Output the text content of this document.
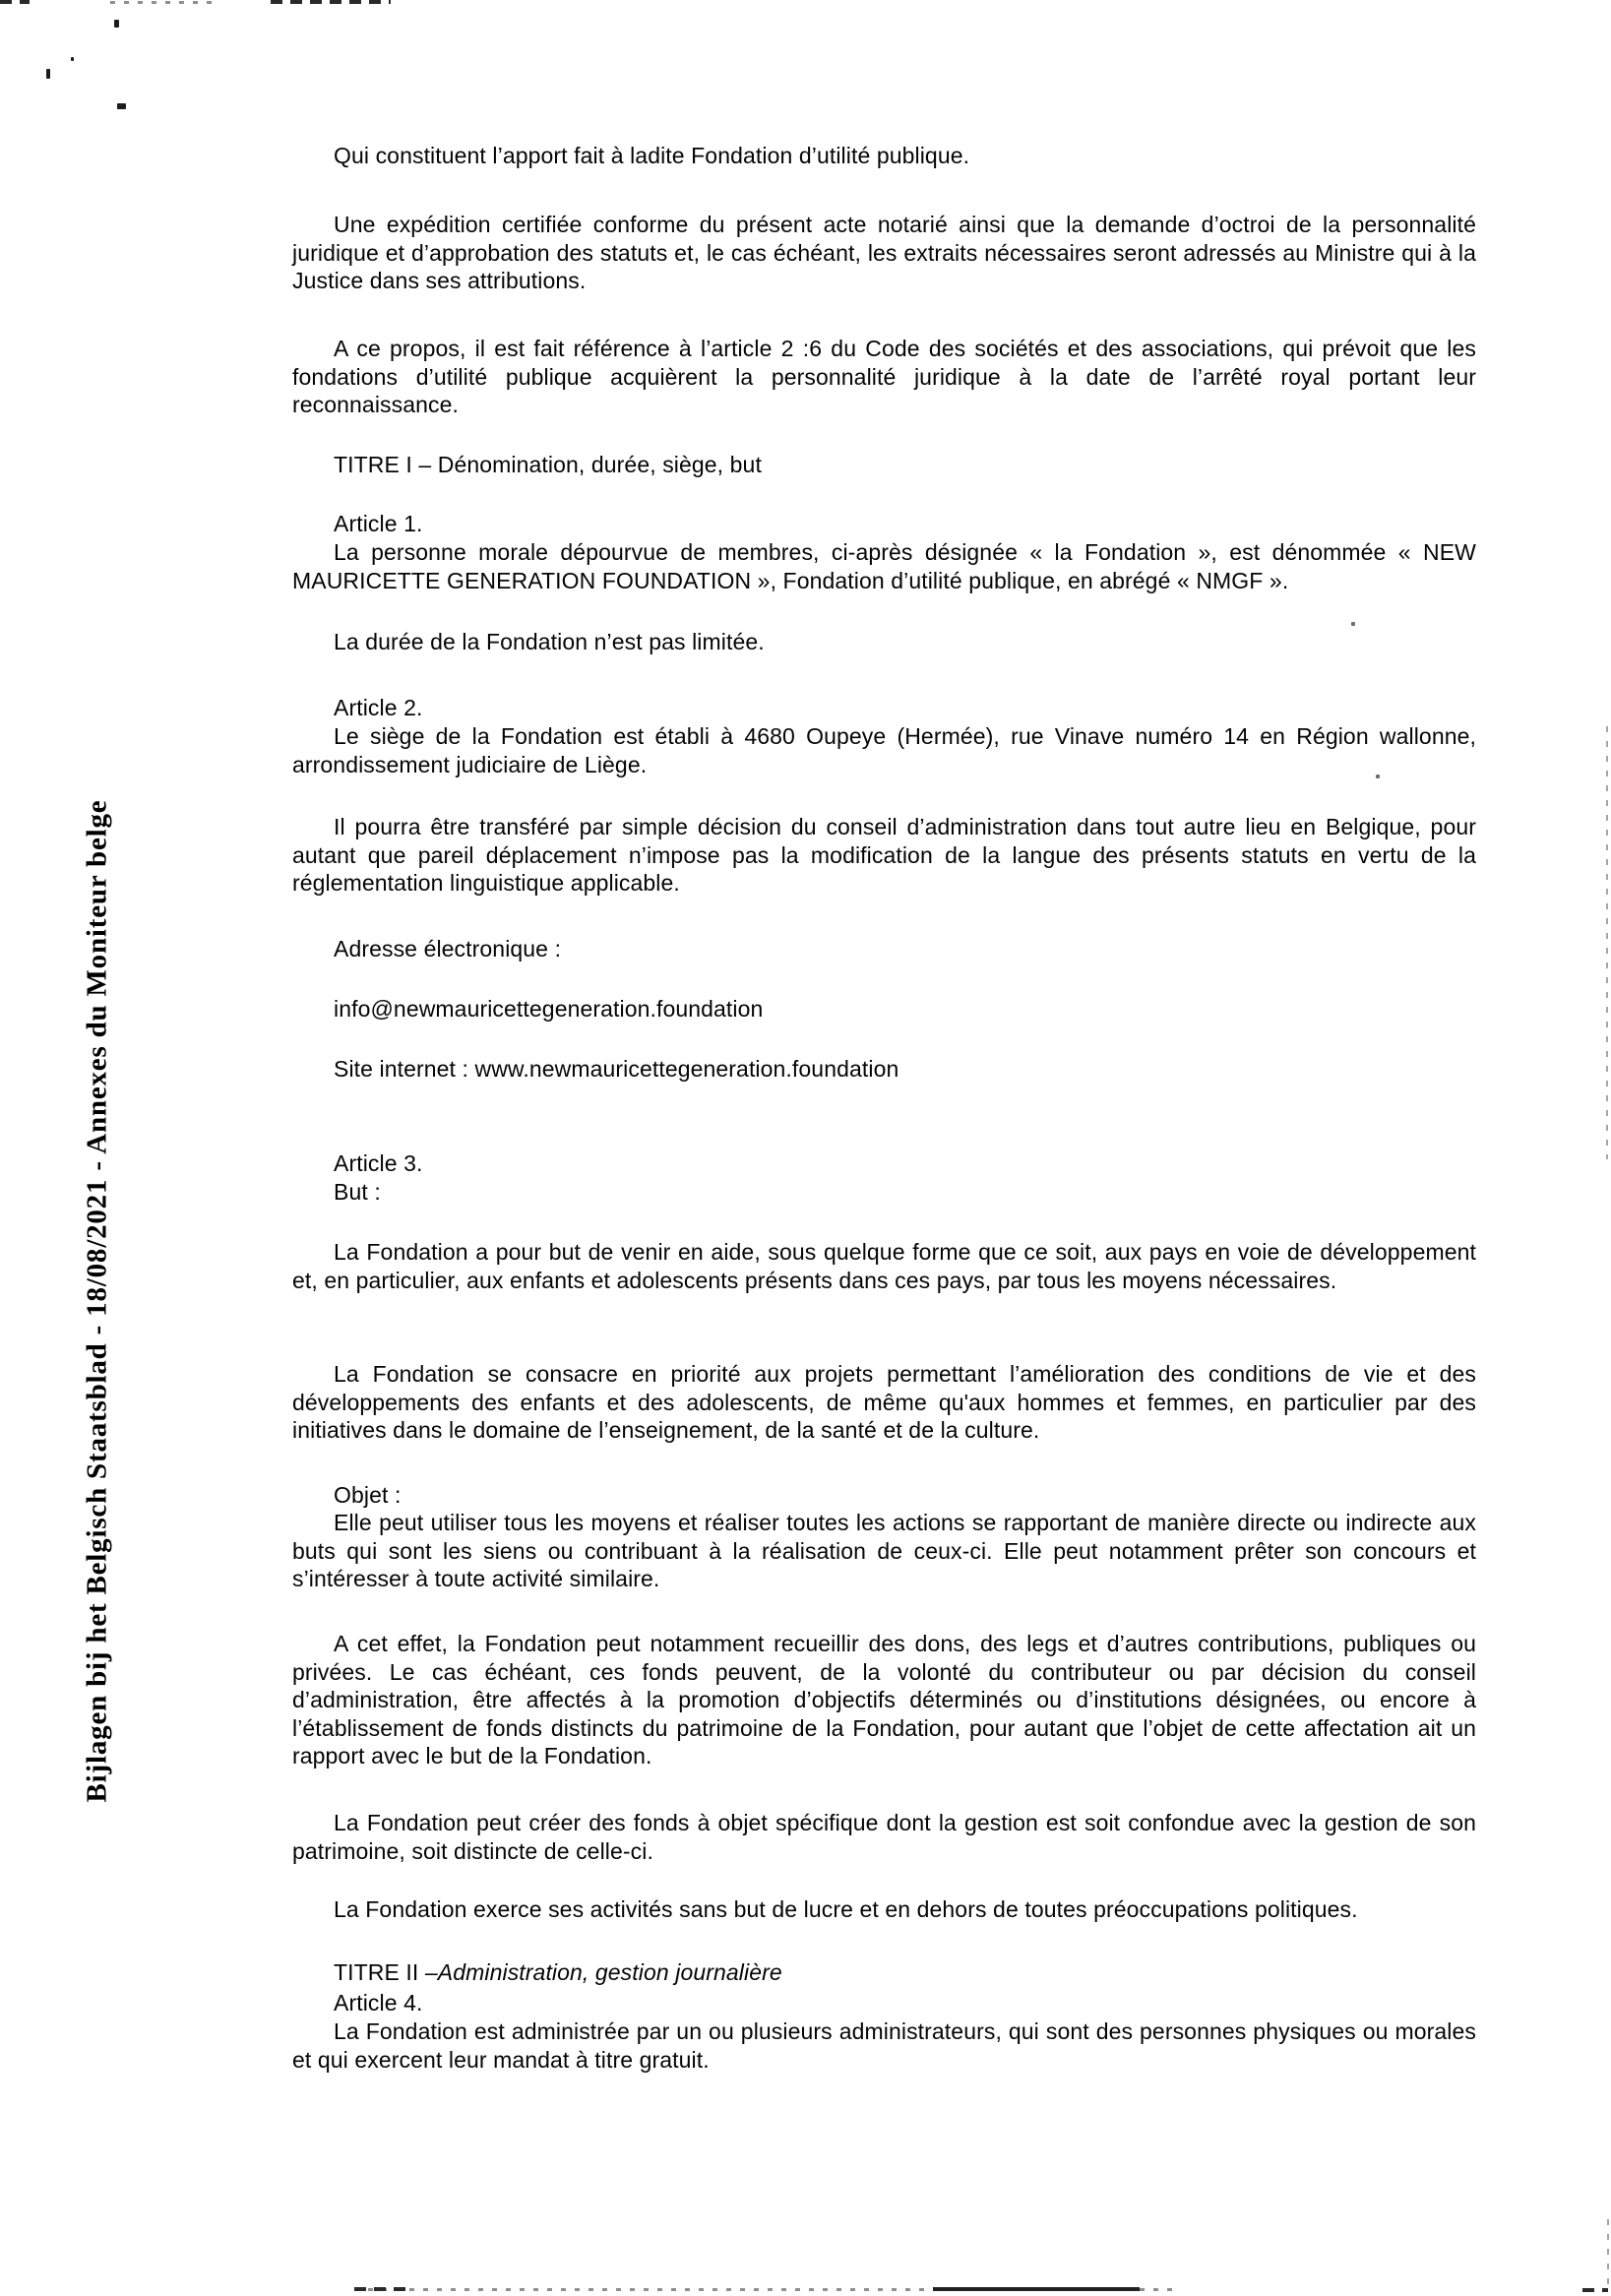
Bijlagen bij het Belgisch Staatsblad - 18/08/2021 - Annexes du Moniteur belge
Qui constituent l’apport fait à ladite Fondation d’utilité publique.
Une expédition certifiée conforme du présent acte notarié ainsi que la demande d’octroi de la personnalité juridique et d’approbation des statuts et, le cas échéant, les extraits nécessaires seront adressés au Ministre qui à la Justice dans ses attributions.
A ce propos, il est fait référence à l’article 2 :6 du Code des sociétés et des associations, qui prévoit que les fondations d’utilité publique acquièrent la personnalité juridique à la date de l’arrêté royal portant leur reconnaissance.
TITRE I – Dénomination, durée, siège, but
Article 1.
La personne morale dépourvue de membres, ci-après désignée « la Fondation », est dénommée « NEW MAURICETTE GENERATION FOUNDATION », Fondation d’utilité publique, en abrégé « NMGF ».
La durée de la Fondation n’est pas limitée.
Article 2.
Le siège de la Fondation est établi à 4680 Oupeye (Hermée), rue Vinave numéro 14 en Région wallonne, arrondissement judiciaire de Liège.
Il pourra être transféré par simple décision du conseil d’administration dans tout autre lieu en Belgique, pour autant que pareil déplacement n’impose pas la modification de la langue des présents statuts en vertu de la réglementation linguistique applicable.
Adresse électronique :
info@newmauricettegeneration.foundation
Site internet : www.newmauricettegeneration.foundation
Article 3.
But :
La Fondation a pour but de venir en aide, sous quelque forme que ce soit, aux pays en voie de développement et, en particulier, aux enfants et adolescents présents dans ces pays, par tous les moyens nécessaires.
La Fondation se consacre en priorité aux projets permettant l’amélioration des conditions de vie et des développements des enfants et des adolescents, de même qu'aux hommes et femmes, en particulier par des initiatives dans le domaine de l’enseignement, de la santé et de la culture.
Objet :
Elle peut utiliser tous les moyens et réaliser toutes les actions se rapportant de manière directe ou indirecte aux buts qui sont les siens ou contribuant à la réalisation de ceux-ci. Elle peut notamment prêter son concours et s’intéresser à toute activité similaire.
A cet effet, la Fondation peut notamment recueillir des dons, des legs et d’autres contributions, publiques ou privées. Le cas échéant, ces fonds peuvent, de la volonté du contributeur ou par décision du conseil d’administration, être affectés à la promotion d’objectifs déterminés ou d’institutions désignées, ou encore à l’établissement de fonds distincts du patrimoine de la Fondation, pour autant que l’objet de cette affectation ait un rapport avec le but de la Fondation.
La Fondation peut créer des fonds à objet spécifique dont la gestion est soit confondue avec la gestion de son patrimoine, soit distincte de celle-ci.
La Fondation exerce ses activités sans but de lucre et en dehors de toutes préoccupations politiques.
TITRE II –Administration, gestion journalière
Article 4.
La Fondation est administrée par un ou plusieurs administrateurs, qui sont des personnes physiques ou morales et qui exercent leur mandat à titre gratuit.
